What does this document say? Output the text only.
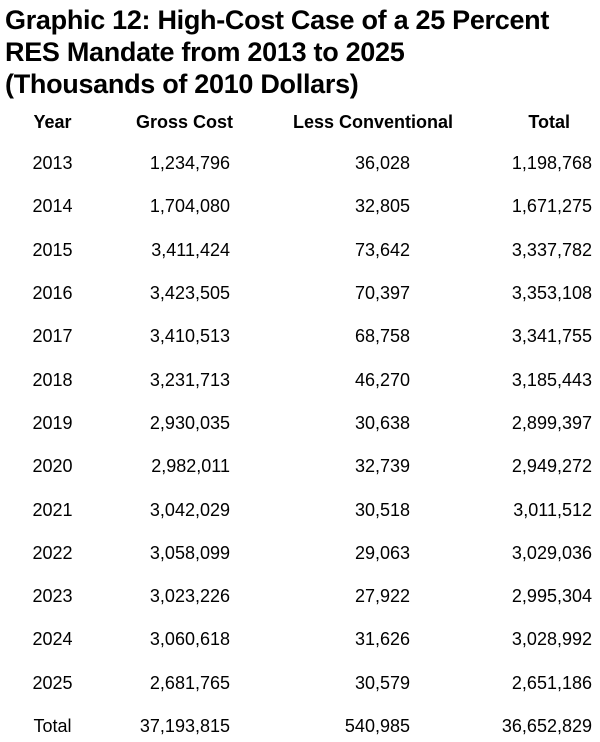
Graphic 12: High-Cost Case of a 25 Percent
RES Mandate from 2013 to 2025
(Thousands of 2010 Dollars)
Year	Gross Cost	Less Conventional	Total
2013	1,234,796	36,028	1,198,768
2014	1,704,080	32,805	1,671,275
2015	3,411,424	73,642	3,337,782
2016	3,423,505	70,397	3,353,108
2017	3,410,513	68,758	3,341,755
2018	3,231,713	46,270	3,185,443
2019	2,930,035	30,638	2,899,397
2020	2,982,011	32,739	2,949,272
2021	3,042,029	30,518	3,011,512
2022	3,058,099	29,063	3,029,036
2023	3,023,226	27,922	2,995,304
2024	3,060,618	31,626	3,028,992
2025	2,681,765	30,579	2,651,186
Total	37,193,815	540,985	36,652,829
